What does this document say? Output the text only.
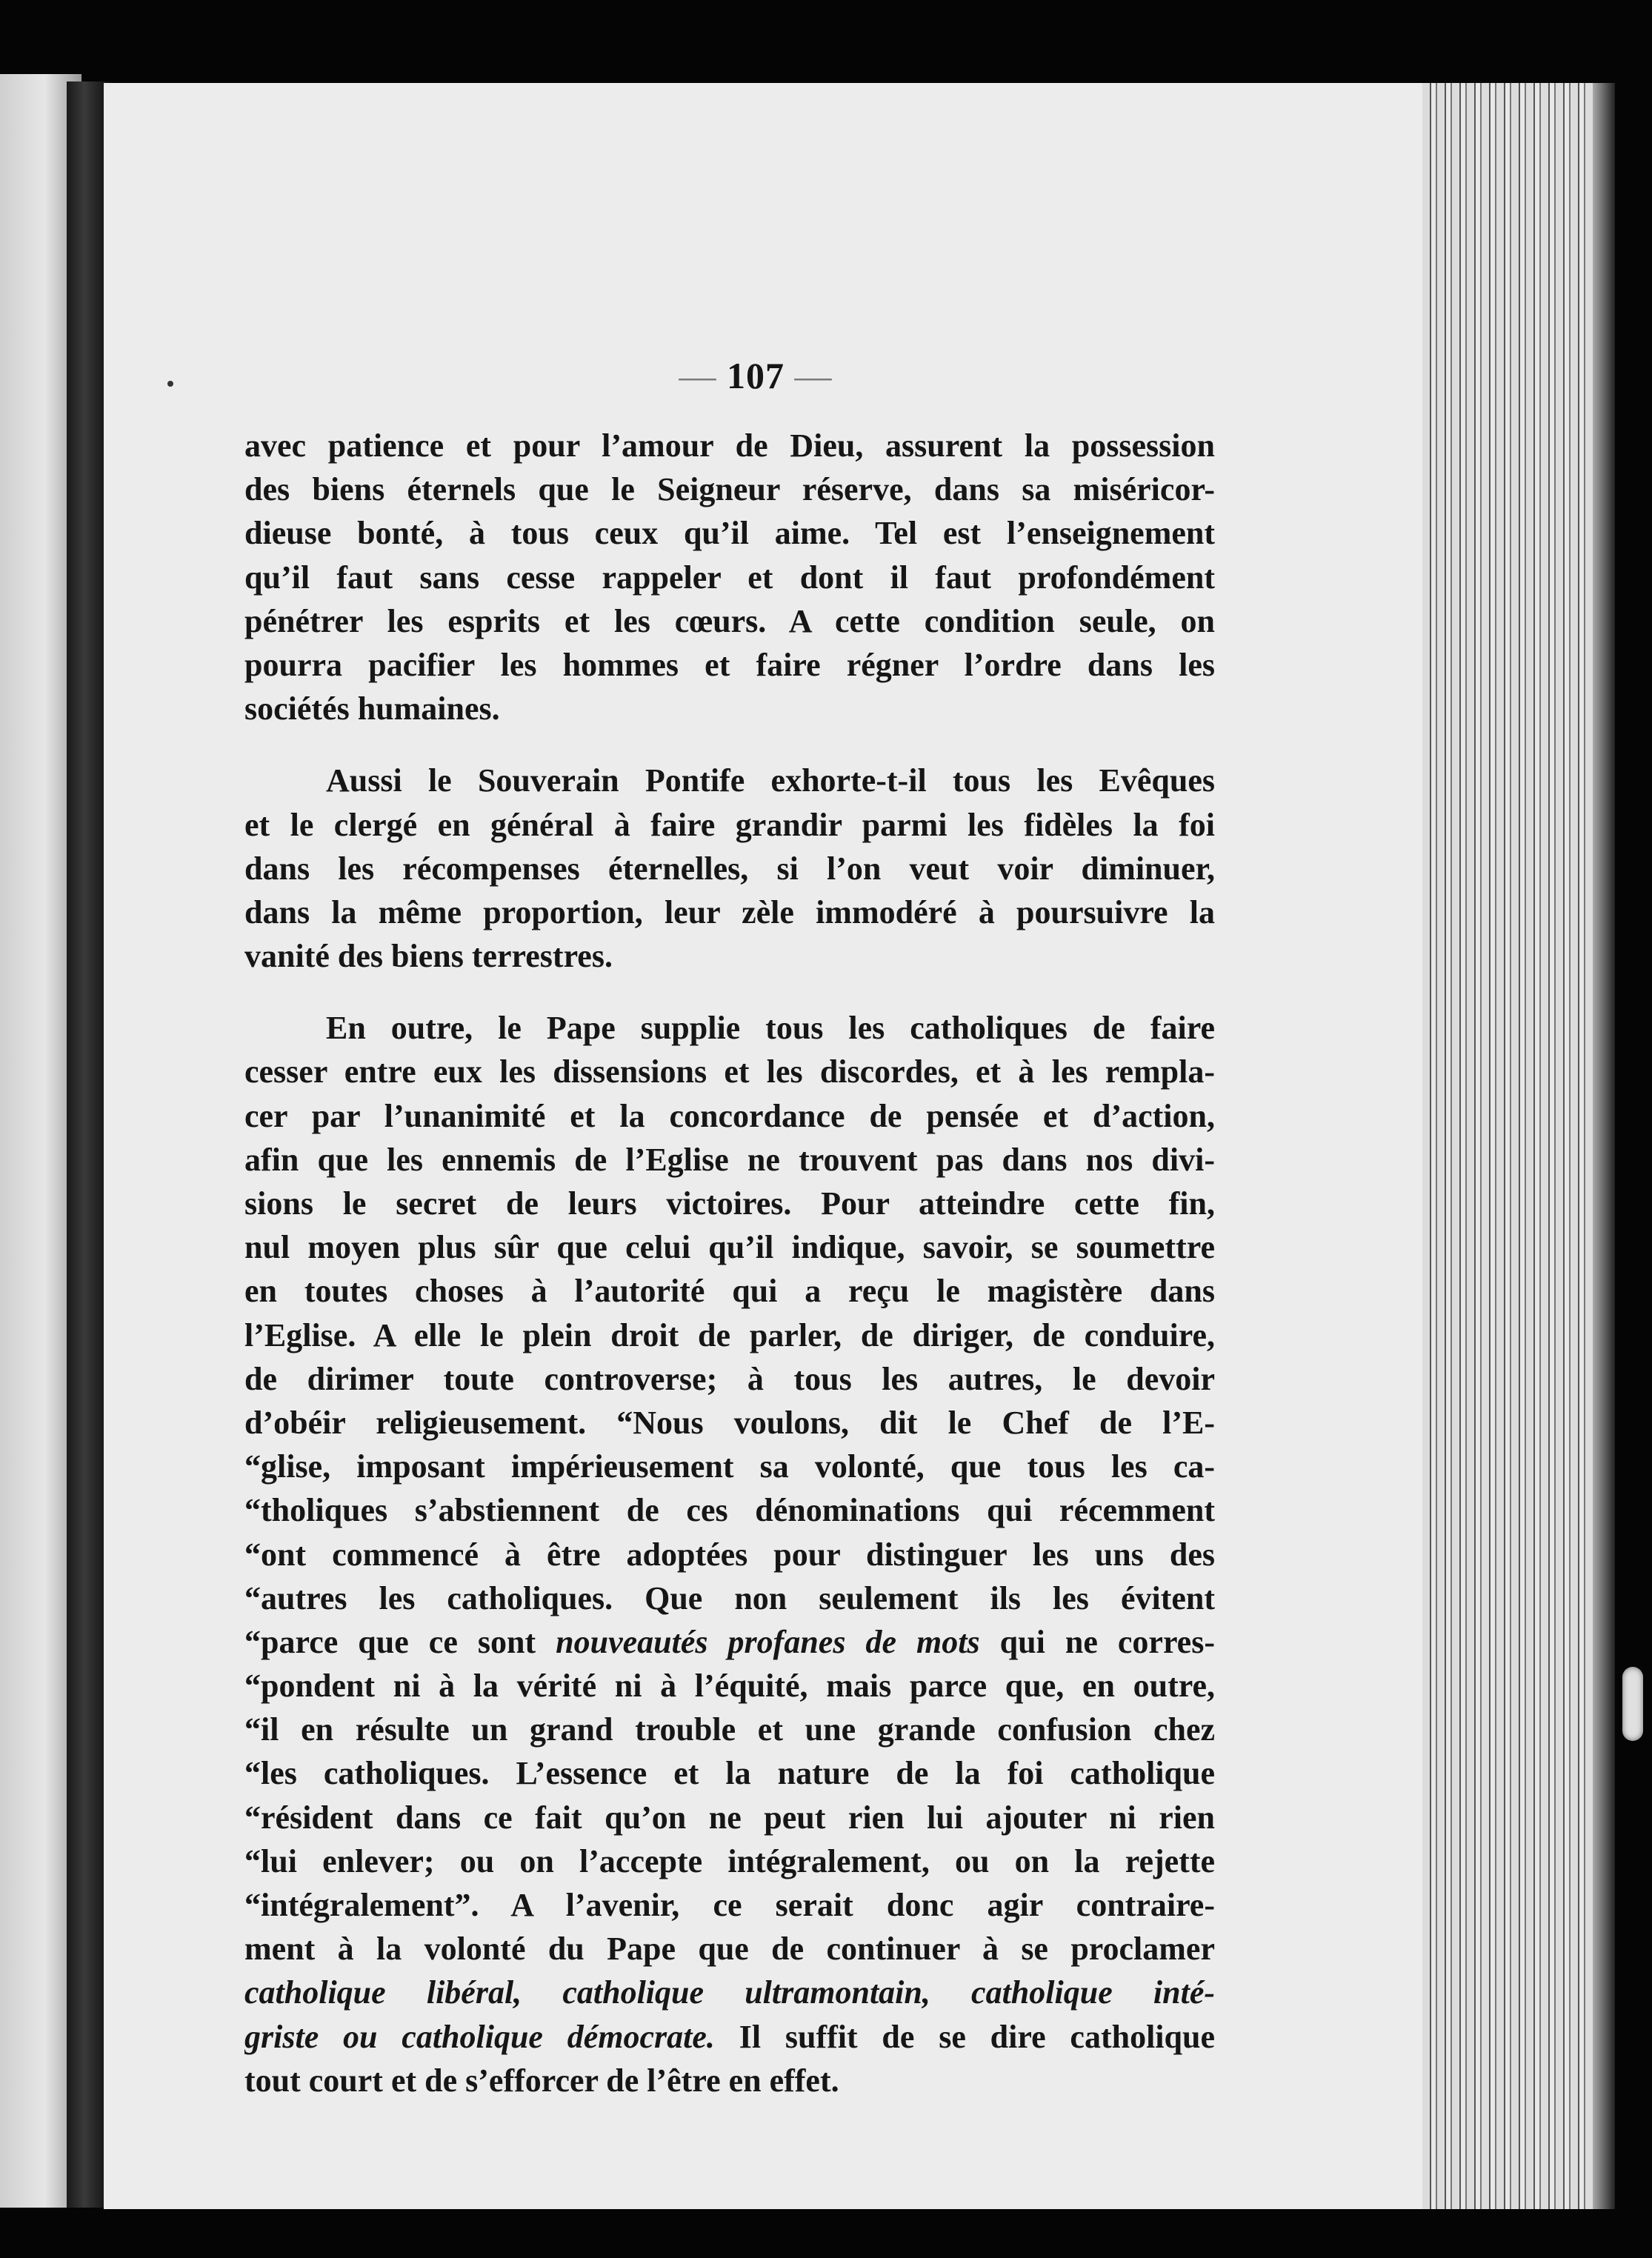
— 107 —
avec patience et pour l’amour de Dieu, assurent la possession
des biens éternels que le Seigneur réserve, dans sa miséricor-
dieuse bonté, à tous ceux qu’il aime. Tel est l’enseignement
qu’il faut sans cesse rappeler et dont il faut profondément
pénétrer les esprits et les cœurs. A cette condition seule, on
pourra pacifier les hommes et faire régner l’ordre dans les
sociétés humaines.
Aussi le Souverain Pontife exhorte-t-il tous les Evêques
et le clergé en général à faire grandir parmi les fidèles la foi
dans les récompenses éternelles, si l’on veut voir diminuer,
dans la même proportion, leur zèle immodéré à poursuivre la
vanité des biens terrestres.
En outre, le Pape supplie tous les catholiques de faire
cesser entre eux les dissensions et les discordes, et à les rempla-
cer par l’unanimité et la concordance de pensée et d’action,
afin que les ennemis de l’Eglise ne trouvent pas dans nos divi-
sions le secret de leurs victoires. Pour atteindre cette fin,
nul moyen plus sûr que celui qu’il indique, savoir, se soumettre
en toutes choses à l’autorité qui a reçu le magistère dans
l’Eglise. A elle le plein droit de parler, de diriger, de conduire,
de dirimer toute controverse; à tous les autres, le devoir
d’obéir religieusement. “Nous voulons, dit le Chef de l’E-
“glise, imposant impérieusement sa volonté, que tous les ca-
“tholiques s’abstiennent de ces dénominations qui récemment
“ont commencé à être adoptées pour distinguer les uns des
“autres les catholiques. Que non seulement ils les évitent
“parce que ce sont nouveautés profanes de mots qui ne corres-
“pondent ni à la vérité ni à l’équité, mais parce que, en outre,
“il en résulte un grand trouble et une grande confusion chez
“les catholiques. L’essence et la nature de la foi catholique
“résident dans ce fait qu’on ne peut rien lui ajouter ni rien
“lui enlever; ou on l’accepte intégralement, ou on la rejette
“intégralement”. A l’avenir, ce serait donc agir contraire-
ment à la volonté du Pape que de continuer à se proclamer
catholique libéral, catholique ultramontain, catholique inté-
griste ou catholique démocrate. Il suffit de se dire catholique
tout court et de s’efforcer de l’être en effet.
